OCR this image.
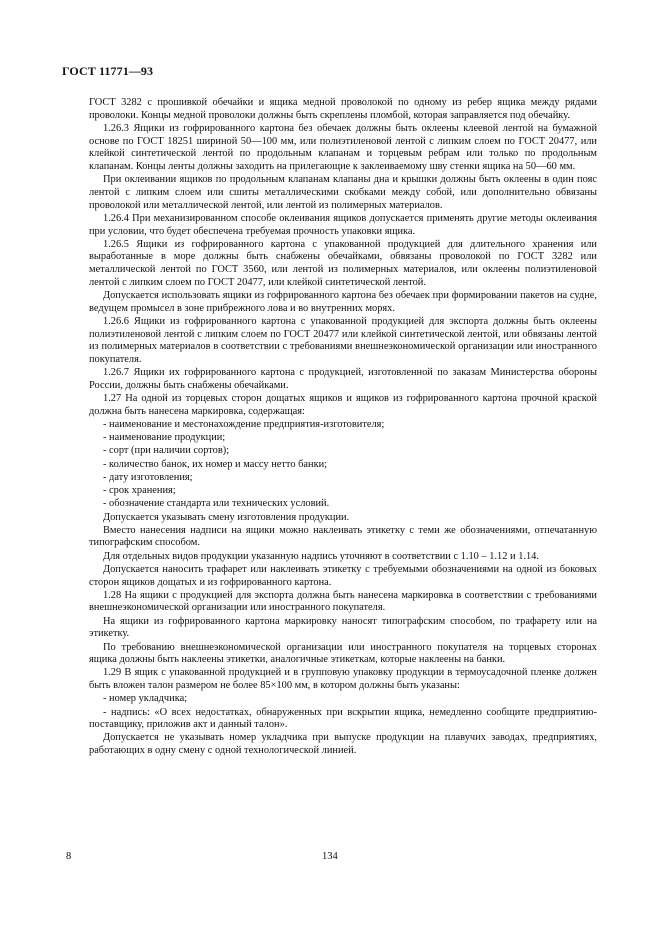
ГОСТ 11771—93

ГОСТ 3282 с прошивкой обечайки и ящика медной проволокой по одному из ребер ящика между рядами проволоки. Концы медной проволоки должны быть скреплены пломбой, которая заправляется под обечайку.

1.26.3 Ящики из гофрированного картона без обечаек должны быть оклеены клеевой лентой на бумажной основе по ГОСТ 18251 шириной 50—100 мм, или полиэтиленовой лентой с липким слоем по ГОСТ 20477, или клейкой синтетической лентой по продольным клапанам и торцевым ребрам или только по продольным клапанам. Концы ленты должны заходить на прилегающие к заклеиваемому шву стенки ящика на 50—60 мм.

При оклеивании ящиков по продольным клапанам клапаны дна и крышки должны быть оклеены в один пояс лентой с липким слоем или сшиты металлическими скобками между собой, или дополнительно обвязаны проволокой или металлической лентой, или лентой из полимерных материалов.

1.26.4 При механизированном способе оклеивания ящиков допускается применять другие методы оклеивания при условии, что будет обеспечена требуемая прочность упаковки ящика.

1.26.5 Ящики из гофрированного картона с упакованной продукцией для длительного хранения или выработанные в море должны быть снабжены обечайками, обвязаны проволокой по ГОСТ 3282 или металлической лентой по ГОСТ 3560, или лентой из полимерных материалов, или оклеены полиэтиленовой лентой с липким слоем по ГОСТ 20477, или клейкой синтетической лентой.

Допускается использовать ящики из гофрированного картона без обечаек при формировании пакетов на судне, ведущем промысел в зоне прибрежного лова и во внутренних морях.

1.26.6 Ящики из гофрированного картона с упакованной продукцией для экспорта должны быть оклеены полиэтиленовой лентой с липким слоем по ГОСТ 20477 или клейкой синтетической лентой, или обвязаны лентой из полимерных материалов в соответствии с требованиями внешнеэкономической организации или иностранного покупателя.

1.26.7 Ящики их гофрированного картона с продукцией, изготовленной по заказам Министерства обороны России, должны быть снабжены обечайками.

1.27 На одной из торцевых сторон дощатых ящиков и ящиков из гофрированного картона прочной краской должна быть нанесена маркировка, содержащая:

- наименование и местонахождение предприятия-изготовителя;

- наименование продукции;

- сорт (при наличии сортов);

- количество банок, их номер и массу нетто банки;

- дату изготовления;

- срок хранения;

- обозначение стандарта или технических условий.

Допускается указывать смену изготовления продукции.

Вместо нанесения надписи на ящики можно наклеивать этикетку с теми же обозначениями, отпечатанную типографским способом.

Для отдельных видов продукции указанную надпись уточняют в соответствии с 1.10 – 1.12 и 1.14.

Допускается наносить трафарет или наклеивать этикетку с требуемыми обозначениями на одной из боковых сторон ящиков дощатых и из гофрированного картона.

1.28 На ящики с продукцией для экспорта должна быть нанесена маркировка в соответствии с требованиями внешнеэкономической организации или иностранного покупателя.

На ящики из гофрированного картона маркировку наносят типографским способом, по трафарету или на этикетку.

По требованию внешнеэкономической организации или иностранного покупателя на торцевых сторонах ящика должны быть наклеены этикетки, аналогичные этикеткам, которые наклеены на банки.

1.29 В ящик с упакованной продукцией и в групповую упаковку продукции в термоусадочной пленке должен быть вложен талон размером не более 85×100 мм, в котором должны быть указаны:

- номер укладчика;

- надпись: «О всех недостатках, обнаруженных при вскрытии ящика, немедленно сообщите предприятию-поставщику, приложив акт и данный талон».

Допускается не указывать номер укладчика при выпуске продукции на плавучих заводах, предприятиях, работающих в одну смену с одной технологической линией.

8	134
